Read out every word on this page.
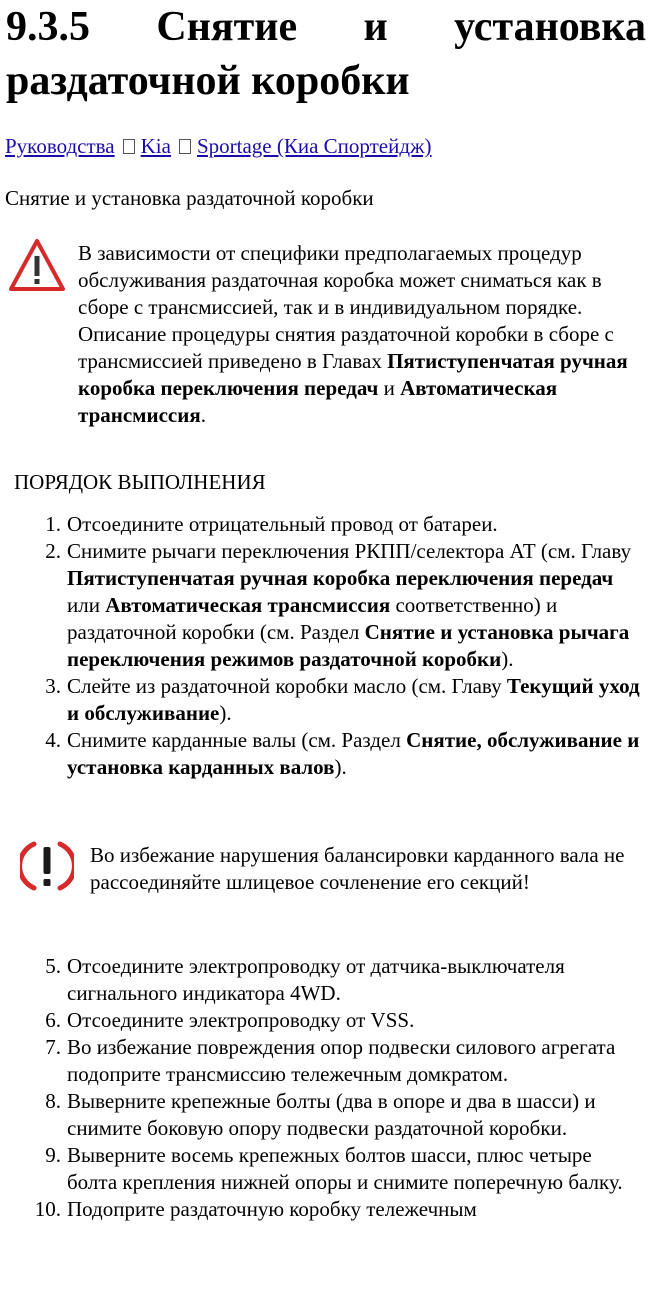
9.3.5 Снятие и установка раздаточной коробки
Руководства Kia Sportage (Киа Спортейдж)
Снятие и установка раздаточной коробки
В зависимости от специфики предполагаемых процедур обслуживания раздаточная коробка может сниматься как в сборе с трансмиссией, так и в индивидуальном порядке. Описание процедуры снятия раздаточной коробки в сборе с трансмиссией приведено в Главах Пятиступенчатая ручная коробка переключения передач и Автоматическая трансмиссия.
ПОРЯДОК ВЫПОЛНЕНИЯ
1. Отсоедините отрицательный провод от батареи.
2. Снимите рычаги переключения РКПП/селектора АТ (см. Главу Пятиступенчатая ручная коробка переключения передач или Автоматическая трансмиссия соответственно) и раздаточной коробки (см. Раздел Снятие и установка рычага переключения режимов раздаточной коробки).
3. Слейте из раздаточной коробки масло (см. Главу Текущий уход и обслуживание).
4. Снимите карданные валы (см. Раздел Снятие, обслуживание и установка карданных валов).
Во избежание нарушения балансировки карданного вала не рассоединяйте шлицевое сочленение его секций!
5. Отсоедините электропроводку от датчика-выключателя сигнального индикатора 4WD.
6. Отсоедините электропроводку от VSS.
7. Во избежание повреждения опор подвески силового агрегата подоприте трансмиссию тележечным домкратом.
8. Выверните крепежные болты (два в опоре и два в шасси) и снимите боковую опору подвески раздаточной коробки.
9. Выверните восемь крепежных болтов шасси, плюс четыре болта крепления нижней опоры и снимите поперечную балку.
10. Подоприте раздаточную коробку тележечным
